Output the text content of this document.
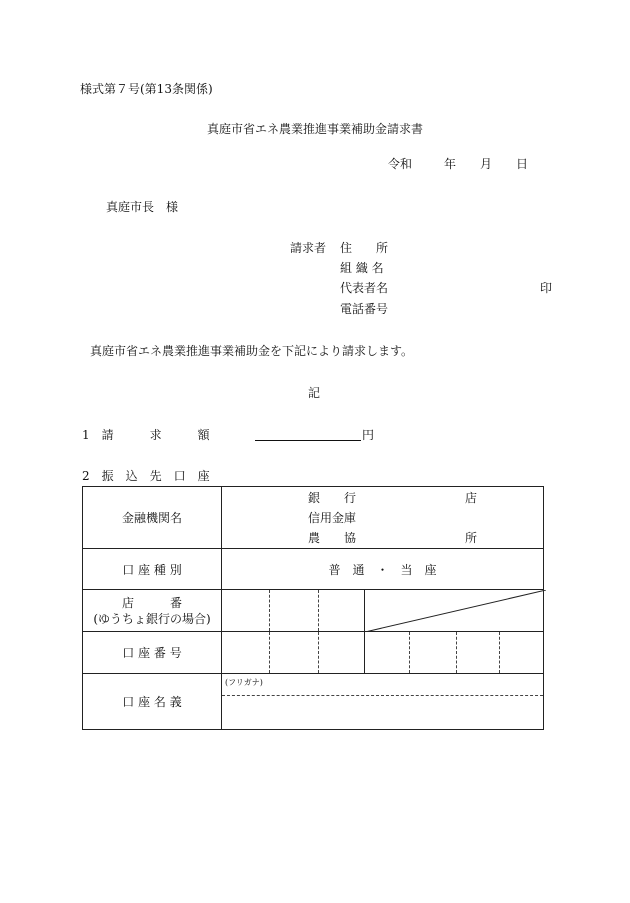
様式第７号(第13条関係)
真庭市省エネ農業推進事業補助金請求書
令和	年 月 日
真庭市長　様
請求者 住　　所
組 織 名
代表者名
電話番号
印
真庭市省エネ農業推進事業補助金を下記により請求します。
記
1　 請　　　求　　　額	円
2　 振　込　先　口　座
金融機関名	銀　　行 店
信用金庫
農　　協 所

口 座 種 別	普　通　・　当　座

店　　　番
(ゆうちょ銀行の場合)

口 座 番 号	

口 座 名 義	(フリガナ)
